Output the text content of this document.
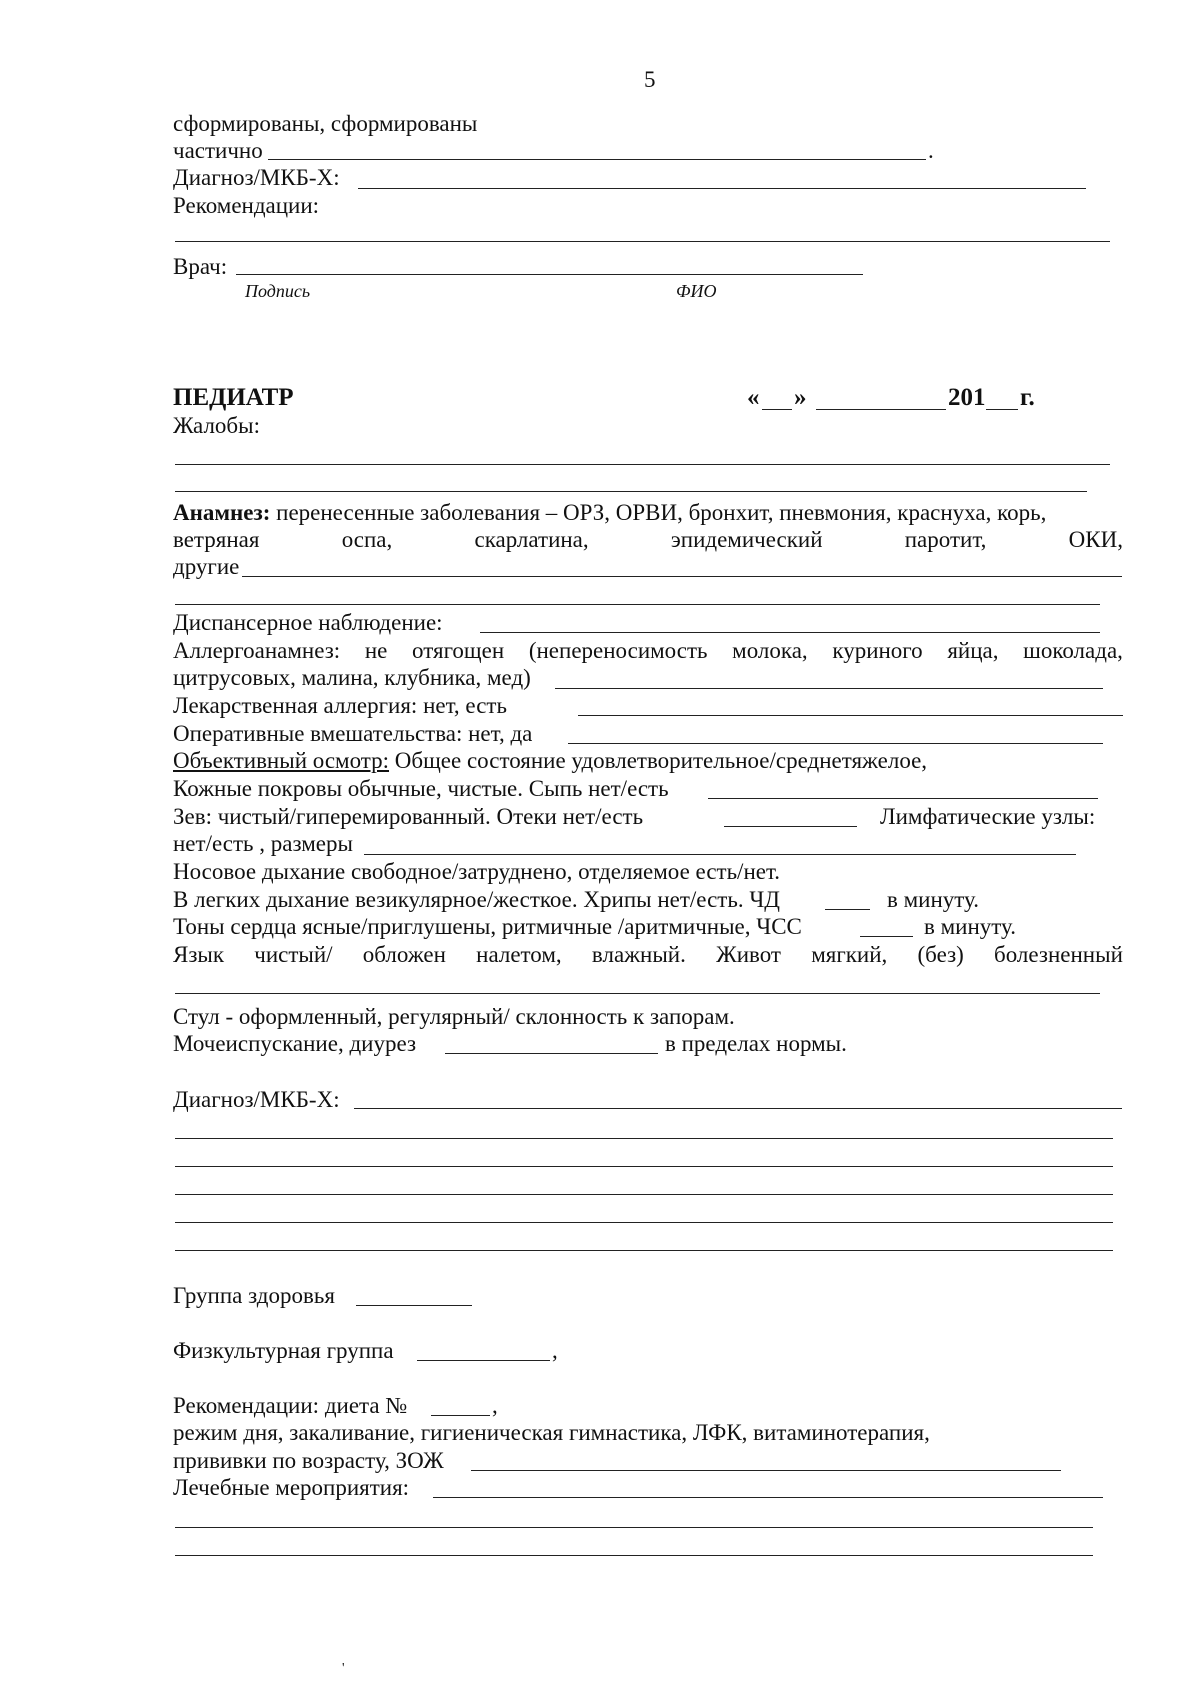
5
сформированы, сформированы
частично	.
Диагноз/МКБ-Х:
Рекомендации:
Врач:
Подпись	ФИО
ПЕДИАТР	« »	201 г.
Жалобы:
Анамнез: перенесенные заболевания – ОРЗ, ОРВИ, бронхит, пневмония, краснуха, корь,
ветряная	оспа,	скарлатина,	эпидемический	паротит,	ОКИ,
другие
Диспансерное наблюдение:
Аллергоанамнез: не отягощен (непереносимость молока, куриного яйца, шоколада,
цитрусовых, малина, клубника, мед)
Лекарственная аллергия: нет, есть
Оперативные вмешательства: нет, да
Объективный осмотр: Общее состояние удовлетворительное/среднетяжелое,
Кожные покровы обычные, чистые. Сыпь нет/есть
Зев: чистый/гиперемированный. Отеки нет/есть	Лимфатические узлы:
нет/есть , размеры
Носовое дыхание свободное/затруднено, отделяемое есть/нет.
В легких дыхание везикулярное/жесткое. Хрипы нет/есть. ЧД	в минуту.
Тоны сердца ясные/приглушены, ритмичные /аритмичные, ЧСС	в минуту.
Язык чистый/ обложен налетом, влажный. Живот мягкий, (без) болезненный
Стул - оформленный, регулярный/ склонность к запорам.
Мочеиспускание, диурез	в пределах нормы.
Диагноз/МКБ-Х:
Группа здоровья
Физкультурная группа	,
Рекомендации: диета №	,
режим дня, закаливание, гигиеническая гимнастика, ЛФК, витаминотерапия,
прививки по возрасту, ЗОЖ
Лечебные мероприятия:
'
